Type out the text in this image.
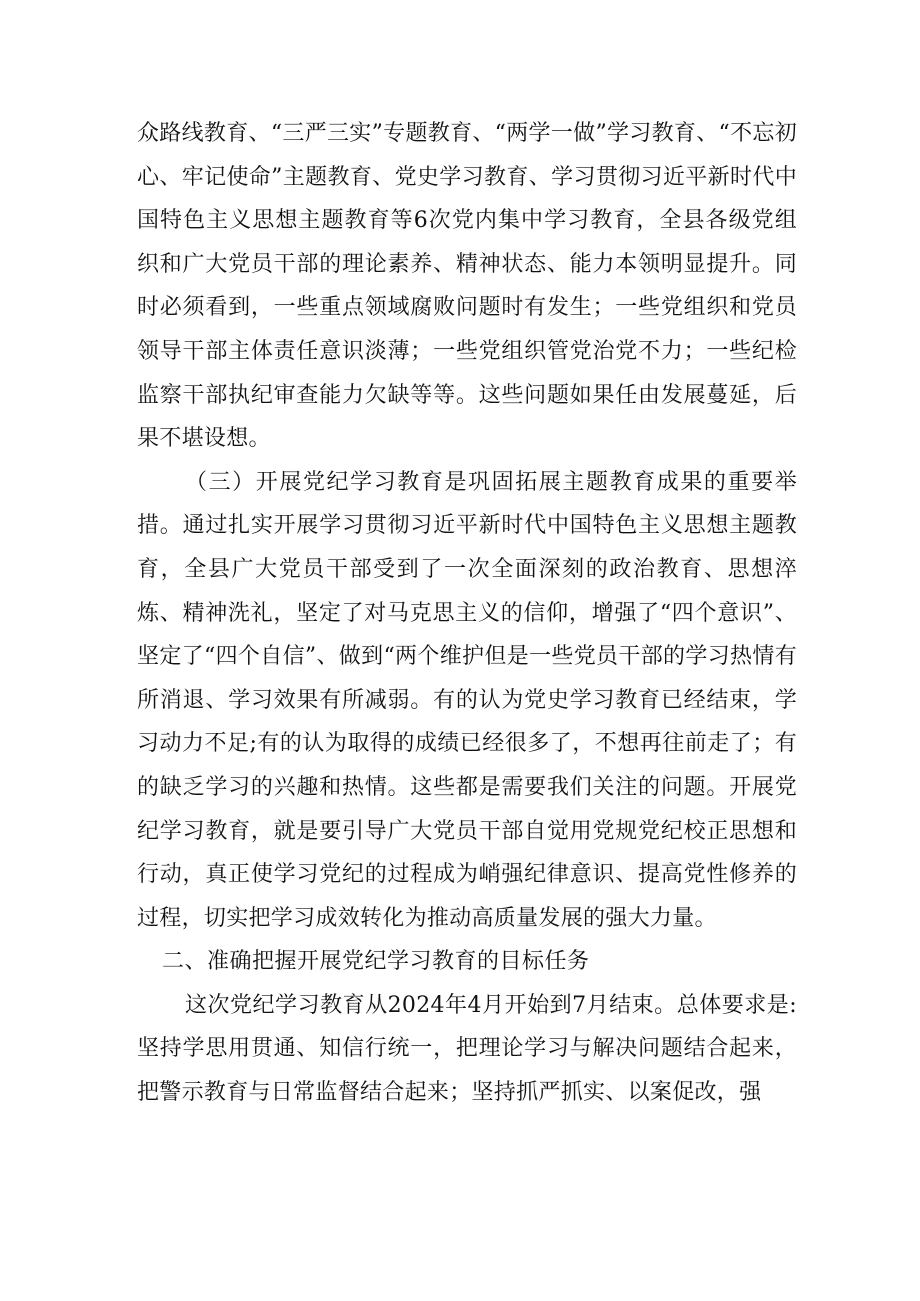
众路线教育、“三严三实”专题教育、“两学一做”学习教育、“不忘初心、牢记使命”主题教育、党史学习教育、学习贯彻习近平新时代中国特色主义思想主题教育等6次党内集中学习教育，全县各级党组织和广大党员干部的理论素养、精神状态、能力本领明显提升。同时必须看到，一些重点领域腐败问题时有发生；一些党组织和党员领导干部主体责任意识淡薄；一些党组织管党治党不力；一些纪检监察干部执纪审查能力欠缺等等。这些问题如果任由发展蔓延，后果不堪设想。

（三）开展党纪学习教育是巩固拓展主题教育成果的重要举措。通过扎实开展学习贯彻习近平新时代中国特色主义思想主题教育，全县广大党员干部受到了一次全面深刻的政治教育、思想淬炼、精神洗礼，坚定了对马克思主义的信仰，增强了“四个意识”、坚定了“四个自信”、做到“两个维护但是一些党员干部的学习热情有所消退、学习效果有所减弱。有的认为党史学习教育已经结束，学习动力不足;有的认为取得的成绩已经很多了，不想再往前走了；有的缺乏学习的兴趣和热情。这些都是需要我们关注的问题。开展党纪学习教育，就是要引导广大党员干部自觉用党规党纪校正思想和行动，真正使学习党纪的过程成为峭强纪律意识、提高党性修养的过程，切实把学习成效转化为推动高质量发展的强大力量。

二、准确把握开展党纪学习教育的目标任务

这次党纪学习教育从2024年4月开始到7月结束。总体要求是:坚持学思用贯通、知信行统一，把理论学习与解决问题结合起来，把警示教育与日常监督结合起来；坚持抓严抓实、以案促改，强
